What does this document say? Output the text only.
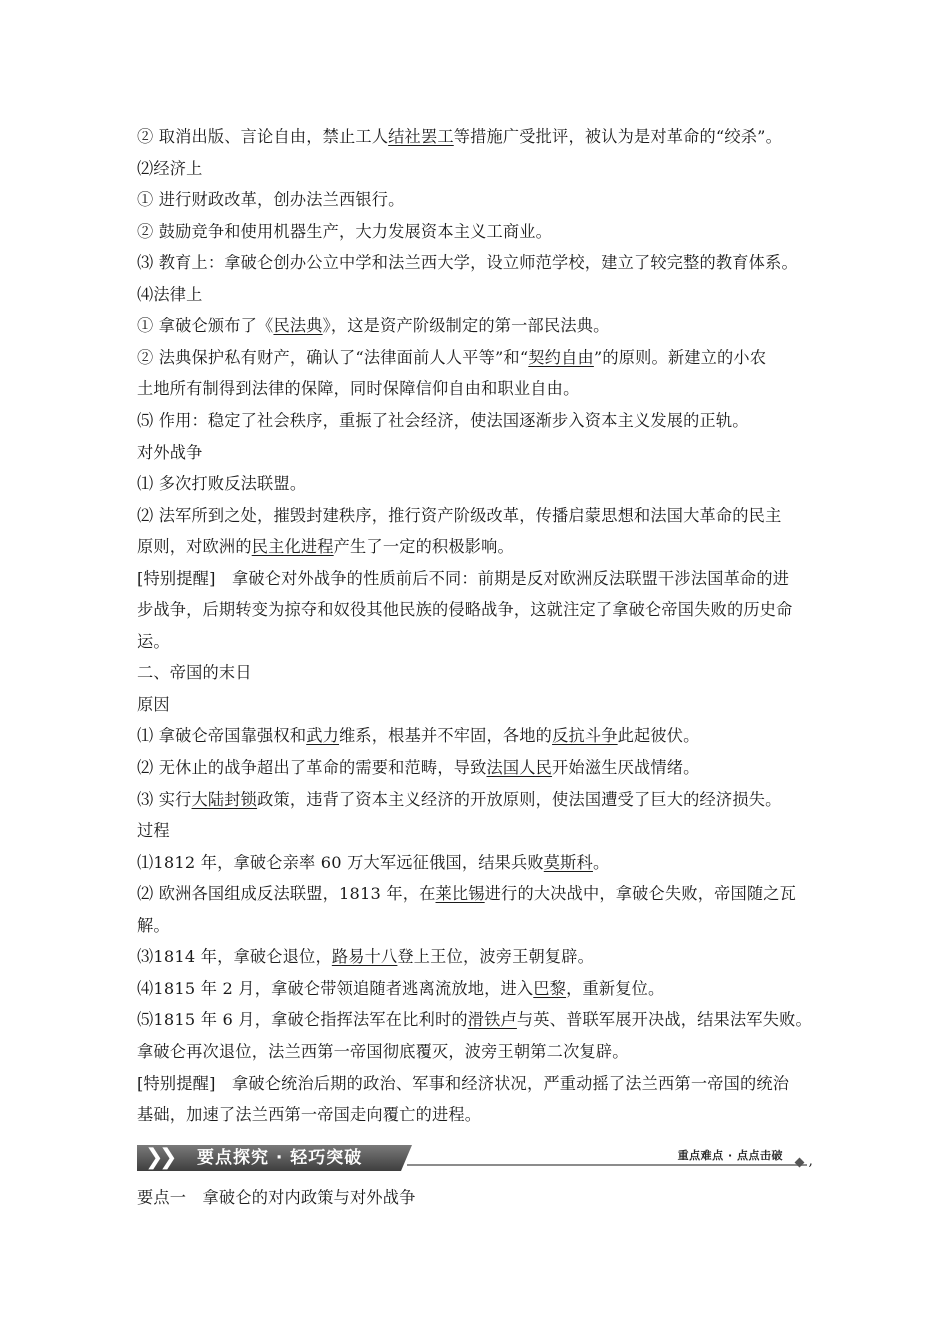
② 取消出版、言论自由，禁止工人结社罢工等措施广受批评，被认为是对革命的“绞杀”。
⑵经济上
① 进行财政改革，创办法兰西银行。
② 鼓励竞争和使用机器生产，大力发展资本主义工商业。
⑶ 教育上：拿破仑创办公立中学和法兰西大学，设立师范学校，建立了较完整的教育体系。
⑷法律上
① 拿破仑颁布了《民法典》，这是资产阶级制定的第一部民法典。
② 法典保护私有财产，确认了“法律面前人人平等”和“契约自由”的原则。新建立的小农
土地所有制得到法律的保障，同时保障信仰自由和职业自由。
⑸ 作用：稳定了社会秩序，重振了社会经济，使法国逐渐步入资本主义发展的正轨。
对外战争
⑴ 多次打败反法联盟。
⑵ 法军所到之处，摧毁封建秩序，推行资产阶级改革，传播启蒙思想和法国大革命的民主
原则，对欧洲的民主化进程产生了一定的积极影响。
[特别提醒]　拿破仑对外战争的性质前后不同：前期是反对欧洲反法联盟干涉法国革命的进
步战争，后期转变为掠夺和奴役其他民族的侵略战争，这就注定了拿破仑帝国失败的历史命
运。
二、帝国的末日
原因
⑴ 拿破仑帝国靠强权和武力维系，根基并不牢固，各地的反抗斗争此起彼伏。
⑵ 无休止的战争超出了革命的需要和范畴，导致法国人民开始滋生厌战情绪。
⑶ 实行大陆封锁政策，违背了资本主义经济的开放原则，使法国遭受了巨大的经济损失。
过程
⑴1812 年，拿破仑亲率 60 万大军远征俄国，结果兵败莫斯科。
⑵ 欧洲各国组成反法联盟，1813 年，在莱比锡进行的大决战中，拿破仑失败，帝国随之瓦
解。
⑶1814 年，拿破仑退位，路易十八登上王位，波旁王朝复辟。
⑷1815 年 2 月，拿破仑带领追随者逃离流放地，进入巴黎，重新复位。
⑸1815 年 6 月，拿破仑指挥法军在比利时的滑铁卢与英、普联军展开决战，结果法军失败。
拿破仑再次退位，法兰西第一帝国彻底覆灭，波旁王朝第二次复辟。
[特别提醒]　拿破仑统治后期的政治、军事和经济状况，严重动摇了法兰西第一帝国的统治
基础，加速了法兰西第一帝国走向覆亡的进程。
❯
❯ 要点探究 · 轻巧突破	重点难点 · 点点击破 ,
要点一　拿破仑的对内政策与对外战争
